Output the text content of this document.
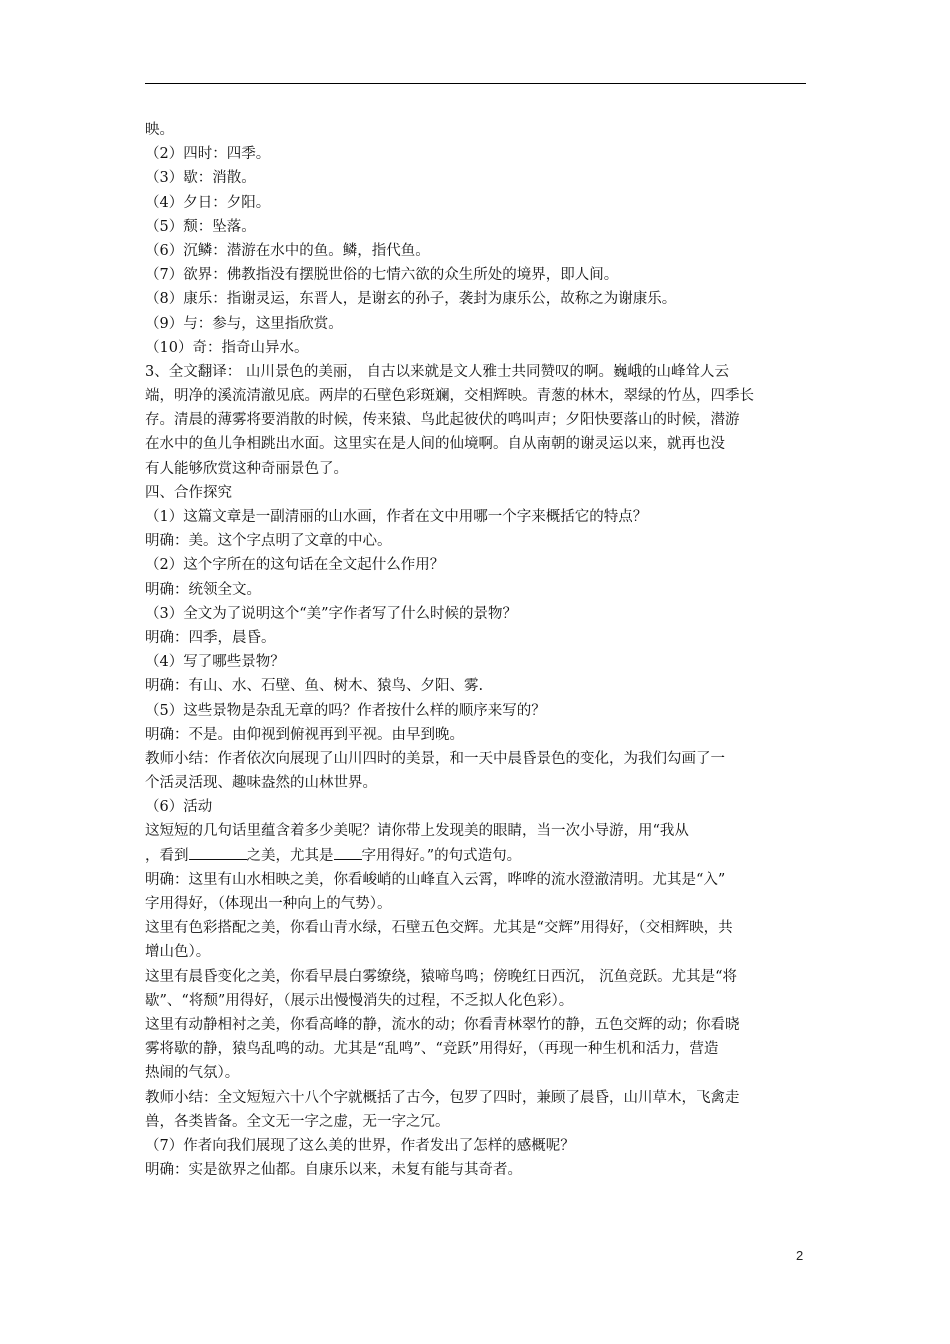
映。
（2）四时：四季。
（3）歇：消散。
（4）夕日：夕阳。
（5）颓：坠落。
（6）沉鳞：潜游在水中的鱼。鳞，指代鱼。
（7）欲界：佛教指没有摆脱世俗的七情六欲的众生所处的境界，即人间。
（8）康乐：指谢灵运，东晋人，是谢玄的孙子，袭封为康乐公，故称之为谢康乐。
（9）与：参与，这里指欣赏。
（10）奇：指奇山异水。
3、全文翻译： 山川景色的美丽， 自古以来就是文人雅士共同赞叹的啊。巍峨的山峰耸人云
端，明净的溪流清澈见底。两岸的石壁色彩斑斓，交相辉映。青葱的林木，翠绿的竹丛，四季长
存。清晨的薄雾将要消散的时候，传来猿、鸟此起彼伏的鸣叫声；夕阳快要落山的时候，潜游
在水中的鱼儿争相跳出水面。这里实在是人间的仙境啊。自从南朝的谢灵运以来，就再也没
有人能够欣赏这种奇丽景色了。
四、合作探究
（1）这篇文章是一副清丽的山水画，作者在文中用哪一个字来概括它的特点？
明确：美。这个字点明了文章的中心。
（2）这个字所在的这句话在全文起什么作用？
明确：统领全文。
（3）全文为了说明这个“美”字作者写了什么时候的景物？
明确：四季，晨昏。
（4）写了哪些景物？
明确：有山、水、石壁、鱼、树木、猿鸟、夕阳、雾.
（5）这些景物是杂乱无章的吗？作者按什么样的顺序来写的？
明确：不是。由仰视到俯视再到平视。由早到晚。
教师小结：作者依次向展现了山川四时的美景，和一天中晨昏景色的变化，为我们勾画了一
个活灵活现、趣味盎然的山林世界。
（6）活动
这短短的几句话里蕴含着多少美呢？请你带上发现美的眼睛，当一次小导游，用“我从
，看到	之美，尤其是 字用得好。”的句式造句。
明确：这里有山水相映之美，你看峻峭的山峰直入云霄，哗哗的流水澄澈清明。尤其是“入”
字用得好，（体现出一种向上的气势）。
这里有色彩搭配之美，你看山青水绿，石壁五色交辉。尤其是“交辉”用得好，（交相辉映，共
增山色）。
这里有晨昏变化之美，你看早晨白雾缭绕，猿啼鸟鸣；傍晚红日西沉， 沉鱼竞跃。尤其是“将
歇”、“将颓”用得好，（展示出慢慢消失的过程，不乏拟人化色彩）。
这里有动静相衬之美，你看高峰的静，流水的动；你看青林翠竹的静，五色交辉的动；你看晓
雾将歇的静，猿鸟乱鸣的动。尤其是“乱鸣”、“竞跃”用得好，（再现一种生机和活力，营造
热闹的气氛）。
教师小结：全文短短六十八个字就概括了古今，包罗了四时，兼顾了晨昏，山川草木，飞禽走
兽，各类皆备。全文无一字之虚，无一字之冗。
（7）作者向我们展现了这么美的世界，作者发出了怎样的感概呢？
明确：实是欲界之仙都。自康乐以来，未复有能与其奇者。
2
